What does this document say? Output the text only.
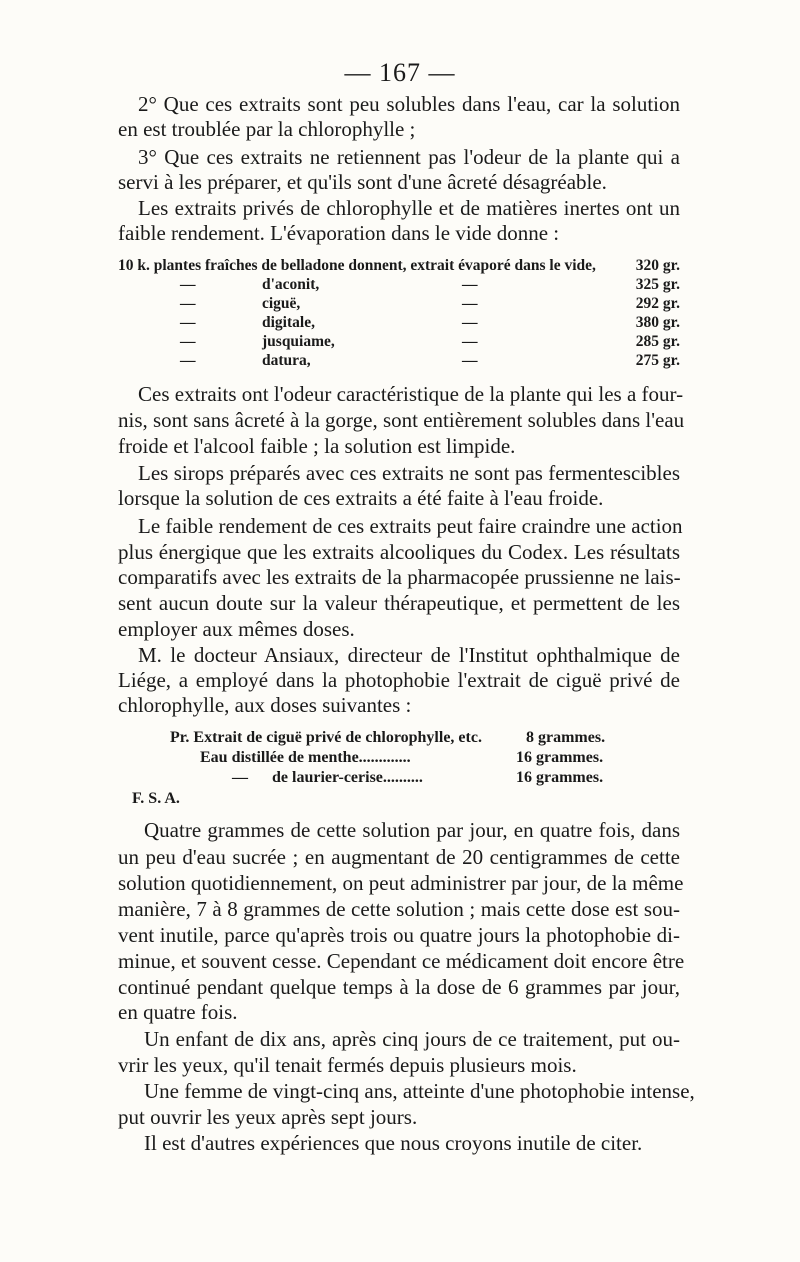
— 167 —
2° Que ces extraits sont peu solubles dans l'eau, car la solution
en est troublée par la chlorophylle ;
3° Que ces extraits ne retiennent pas l'odeur de la plante qui a
servi à les préparer, et qu'ils sont d'une âcreté désagréable.
Les extraits privés de chlorophylle et de matières inertes ont un
faible rendement. L'évaporation dans le vide donne :
10 k. plantes fraîches de belladone donnent, extrait évaporé dans le vide,	320 gr.
—	d'aconit,	—	325 gr.
—	ciguë,	—	292 gr.
—	digitale,	—	380 gr.
—	jusquiame,	—	285 gr.
—	datura,	—	275 gr.
Ces extraits ont l'odeur caractéristique de la plante qui les a four-
nis, sont sans âcreté à la gorge, sont entièrement solubles dans l'eau
froide et l'alcool faible ; la solution est limpide.
Les sirops préparés avec ces extraits ne sont pas fermentescibles
lorsque la solution de ces extraits a été faite à l'eau froide.
Le faible rendement de ces extraits peut faire craindre une action
plus énergique que les extraits alcooliques du Codex. Les résultats
comparatifs avec les extraits de la pharmacopée prussienne ne lais-
sent aucun doute sur la valeur thérapeutique, et permettent de les
employer aux mêmes doses.
M. le docteur Ansiaux, directeur de l'Institut ophthalmique de
Liége, a employé dans la photophobie l'extrait de ciguë privé de
chlorophylle, aux doses suivantes :
Pr. Extrait de ciguë privé de chlorophylle, etc.	8 grammes.
Eau distillée de menthe.............	16 grammes.
—      de laurier-cerise..........	16 grammes.
F. S. A.
Quatre grammes de cette solution par jour, en quatre fois, dans
un peu d'eau sucrée ; en augmentant de 20 centigrammes de cette
solution quotidiennement, on peut administrer par jour, de la même
manière, 7 à 8 grammes de cette solution ; mais cette dose est sou-
vent inutile, parce qu'après trois ou quatre jours la photophobie di-
minue, et souvent cesse. Cependant ce médicament doit encore être
continué pendant quelque temps à la dose de 6 grammes par jour,
en quatre fois.
Un enfant de dix ans, après cinq jours de ce traitement, put ou-
vrir les yeux, qu'il tenait fermés depuis plusieurs mois.
Une femme de vingt-cinq ans, atteinte d'une photophobie intense,
put ouvrir les yeux après sept jours.
Il est d'autres expériences que nous croyons inutile de citer.
